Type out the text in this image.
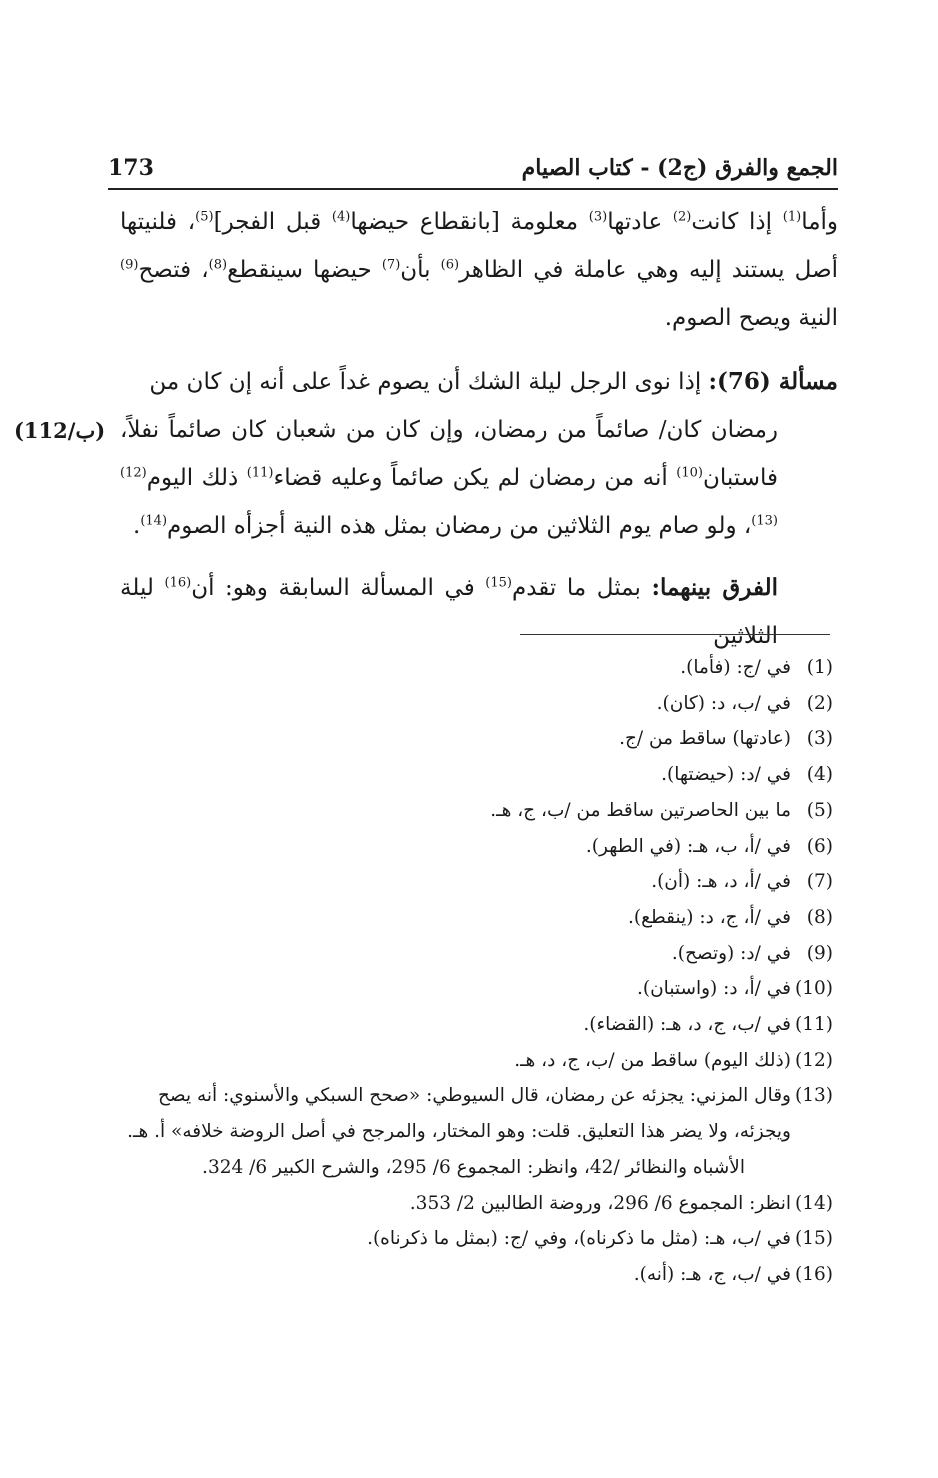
173	الجمع والفرق (ج2) - كتاب الصيام

وأما$^{(1)}$ إذا كانت$^{(2)}$ عادتها$^{(3)}$ معلومة [بانقطاع حيضها$^{(4)}$ قبل الفجر]$^{(5)}$، فلنيتها أصل يستند إليه وهي عاملة في الظاهر$^{(6)}$ بأن$^{(7)}$ حيضها سينقطع$^{(8)}$، فتصح$^{(9)}$ النية ويصح الصوم.

مسألة (76): إذا نوى الرجل ليلة الشك أن يصوم غداً على أنه إن كان من

رمضان كان/ صائماً من رمضان، وإن كان من شعبان كان صائماً نفلاً، فاستبان$^{(10)}$ أنه من رمضان لم يكن صائماً وعليه قضاء$^{(11)}$ ذلك اليوم$^{(12)}$ $^{(13)}$، ولو صام يوم الثلاثين من رمضان بمثل هذه النية أجزأه الصوم$^{(14)}$.

الفرق بينهما: بمثل ما تقدم$^{(15)}$ في المسألة السابقة وهو: أن$^{(16)}$ ليلة الثلاثين

(112/ب)
(1)
في /ج: (فأما).
(2)
في /ب، د: (كان).
(3)
(عادتها) ساقط من /ج.
(4)
في /د: (حيضتها).
(5)
ما بين الحاصرتين ساقط من /ب، ج، هـ.
(6)
في /أ، ب، هـ: (في الطهر).
(7)
في /أ، د، هـ: (أن).
(8)
في /أ، ج، د: (ينقطع).
(9)
في /د: (وتصح).
(10)
في /أ، د: (واستبان).
(11)
في /ب، ج، د، هـ: (القضاء).
(12)
(ذلك اليوم) ساقط من /ب، ج، د، هـ.
(13)
وقال المزني: يجزئه عن رمضان، قال السيوطي: «صحح السبكي والأسنوي: أنه يصح ويجزئه، ولا يضر هذا التعليق. قلت: وهو المختار، والمرجح في أصل الروضة خلافه» أ. هـ.
الأشباه والنظائر /42، وانظر: المجموع 6/ 295، والشرح الكبير 6/ 324.
(14)
انظر: المجموع 6/ 296، وروضة الطالبين 2/ 353.
(15)
في /ب، هـ: (مثل ما ذكرناه)، وفي /ج: (بمثل ما ذكرناه).
(16)
في /ب، ج، هـ: (أنه).
